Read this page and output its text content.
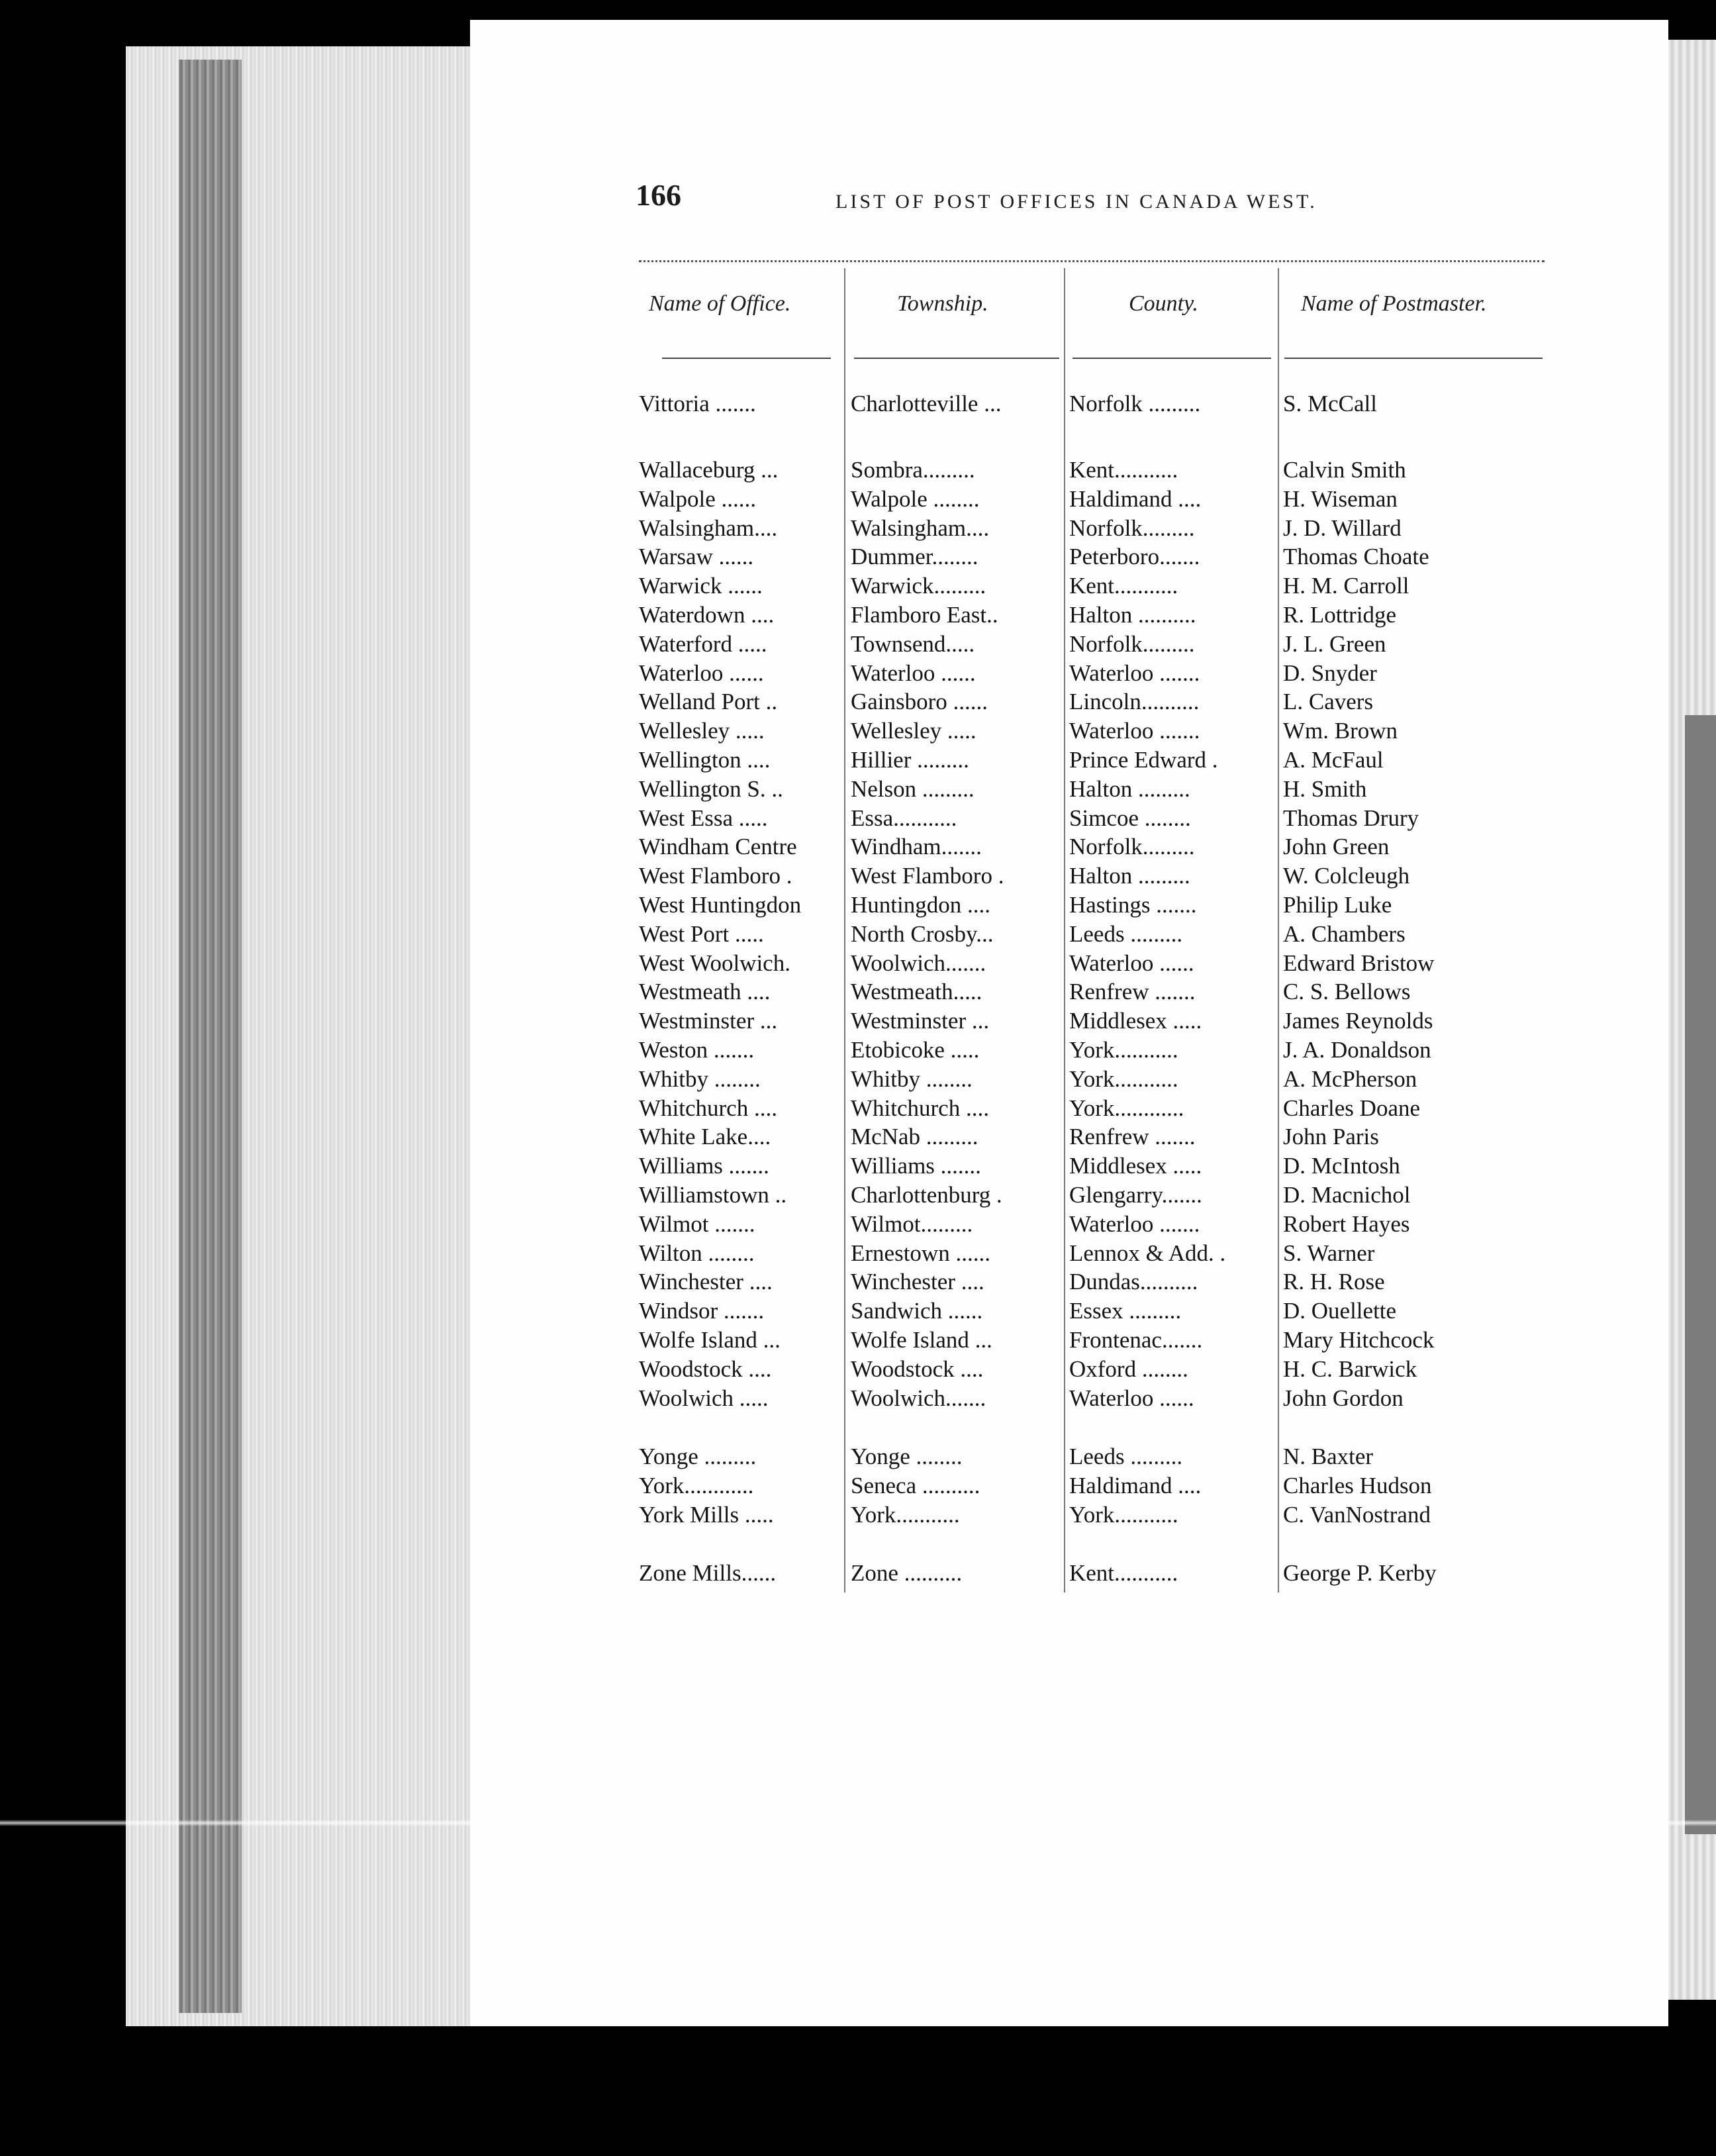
166	LIST OF POST OFFICES IN CANADA WEST.
Name of Office.	Township.	County.	Name of Postmaster.
Vittoria .......	Charlotteville ...	Norfolk .........	S. McCall
Wallaceburg ...	Sombra.........	Kent...........	Calvin Smith
Walpole ......	Walpole ........	Haldimand ....	H. Wiseman
Walsingham....	Walsingham....	Norfolk.........	J. D. Willard
Warsaw ......	Dummer........	Peterboro.......	Thomas Choate
Warwick ......	Warwick.........	Kent...........	H. M. Carroll
Waterdown ....	Flamboro East..	Halton ..........	R. Lottridge
Waterford .....	Townsend.....	Norfolk.........	J. L. Green
Waterloo ......	Waterloo ......	Waterloo .......	D. Snyder
Welland Port ..	Gainsboro ......	Lincoln..........	L. Cavers
Wellesley .....	Wellesley .....	Waterloo .......	Wm. Brown
Wellington ....	Hillier .........	Prince Edward .	A. McFaul
Wellington S. ..	Nelson .........	Halton .........	H. Smith
West Essa .....	Essa...........	Simcoe ........	Thomas Drury
Windham Centre	Windham.......	Norfolk.........	John Green
West Flamboro .	West Flamboro .	Halton .........	W. Colcleugh
West Huntingdon	Huntingdon ....	Hastings .......	Philip Luke
West Port .....	North Crosby...	Leeds .........	A. Chambers
West Woolwich.	Woolwich.......	Waterloo ......	Edward Bristow
Westmeath ....	Westmeath.....	Renfrew .......	C. S. Bellows
Westminster ...	Westminster ...	Middlesex .....	James Reynolds
Weston .......	Etobicoke .....	York...........	J. A. Donaldson
Whitby ........	Whitby ........	York...........	A. McPherson
Whitchurch ....	Whitchurch ....	York............	Charles Doane
White Lake....	McNab .........	Renfrew .......	John Paris
Williams .......	Williams .......	Middlesex .....	D. McIntosh
Williamstown ..	Charlottenburg .	Glengarry.......	D. Macnichol
Wilmot .......	Wilmot.........	Waterloo .......	Robert Hayes
Wilton ........	Ernestown ......	Lennox & Add. .	S. Warner
Winchester ....	Winchester ....	Dundas..........	R. H. Rose
Windsor .......	Sandwich ......	Essex .........	D. Ouellette
Wolfe Island ...	Wolfe Island ...	Frontenac.......	Mary Hitchcock
Woodstock ....	Woodstock ....	Oxford ........	H. C. Barwick
Woolwich .....	Woolwich.......	Waterloo ......	John Gordon
Yonge .........	Yonge ........	Leeds .........	N. Baxter
York............	Seneca ..........	Haldimand ....	Charles Hudson
York Mills .....	York...........	York...........	C. VanNostrand
Zone Mills......	Zone ..........	Kent...........	George P. Kerby
